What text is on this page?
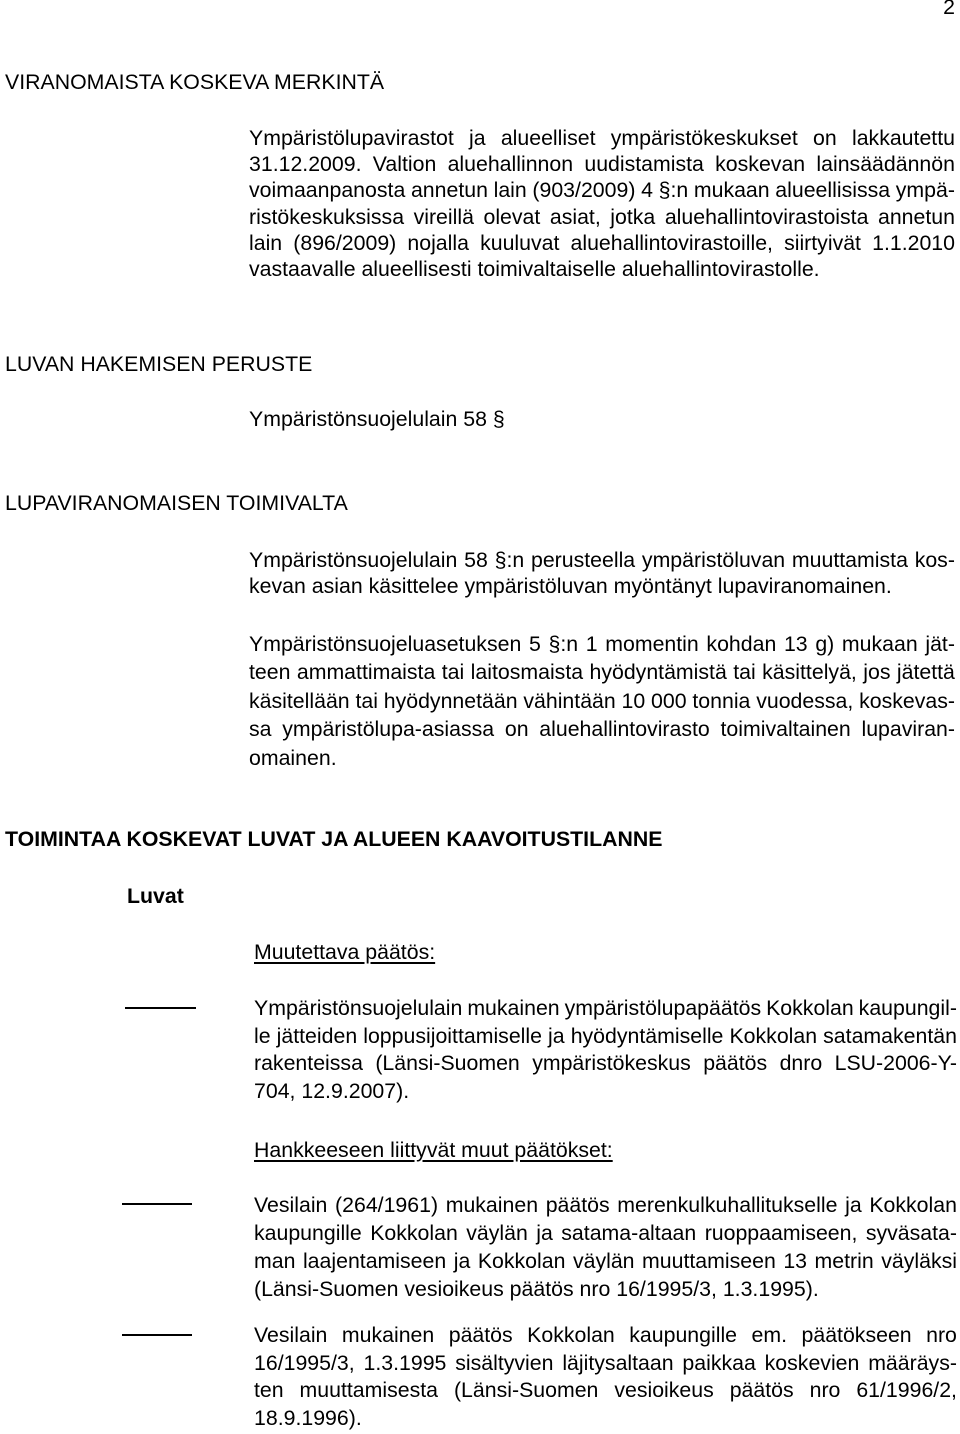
2
VIRANOMAISTA KOSKEVA MERKINTÄ
Ympäristölupavirastot ja alueelliset ympäristökeskukset on lakkautettu
31.12.2009. Valtion aluehallinnon uudistamista koskevan lainsäädännön
voimaanpanosta annetun lain (903/2009) 4 §:n mukaan alueellisissa ympä-
ristökeskuksissa vireillä olevat asiat, jotka aluehallintovirastoista annetun
lain (896/2009) nojalla kuuluvat aluehallintovirastoille, siirtyivät 1.1.2010
vastaavalle alueellisesti toimivaltaiselle aluehallintovirastolle.
LUVAN HAKEMISEN PERUSTE
Ympäristönsuojelulain 58 §
LUPAVIRANOMAISEN TOIMIVALTA
Ympäristönsuojelulain 58 §:n perusteella ympäristöluvan muuttamista kos-
kevan asian käsittelee ympäristöluvan myöntänyt lupaviranomainen.
Ympäristönsuojeluasetuksen 5 §:n 1 momentin kohdan 13 g) mukaan jät-
teen ammattimaista tai laitosmaista hyödyntämistä tai käsittelyä, jos jätettä
käsitellään tai hyödynnetään vähintään 10 000 tonnia vuodessa, koskevas-
sa ympäristölupa-asiassa on aluehallintovirasto toimivaltainen lupaviran-
omainen.
TOIMINTAA KOSKEVAT LUVAT JA ALUEEN KAAVOITUSTILANNE
Luvat
Muutettava päätös:
Ympäristönsuojelulain mukainen ympäristölupapäätös Kokkolan kaupungil-
le jätteiden loppusijoittamiselle ja hyödyntämiselle Kokkolan satamakentän
rakenteissa (Länsi-Suomen ympäristökeskus päätös dnro LSU-2006-Y-
704, 12.9.2007).
Hankkeeseen liittyvät muut päätökset:
Vesilain (264/1961) mukainen päätös merenkulkuhallitukselle ja Kokkolan
kaupungille Kokkolan väylän ja satama-altaan ruoppaamiseen, syväsata-
man laajentamiseen ja Kokkolan väylän muuttamiseen 13 metrin väyläksi
(Länsi-Suomen vesioikeus päätös nro 16/1995/3, 1.3.1995).
Vesilain mukainen päätös Kokkolan kaupungille em. päätökseen nro
16/1995/3, 1.3.1995 sisältyvien läjitysaltaan paikkaa koskevien määräys-
ten muuttamisesta (Länsi-Suomen vesioikeus päätös nro 61/1996/2,
18.9.1996).
